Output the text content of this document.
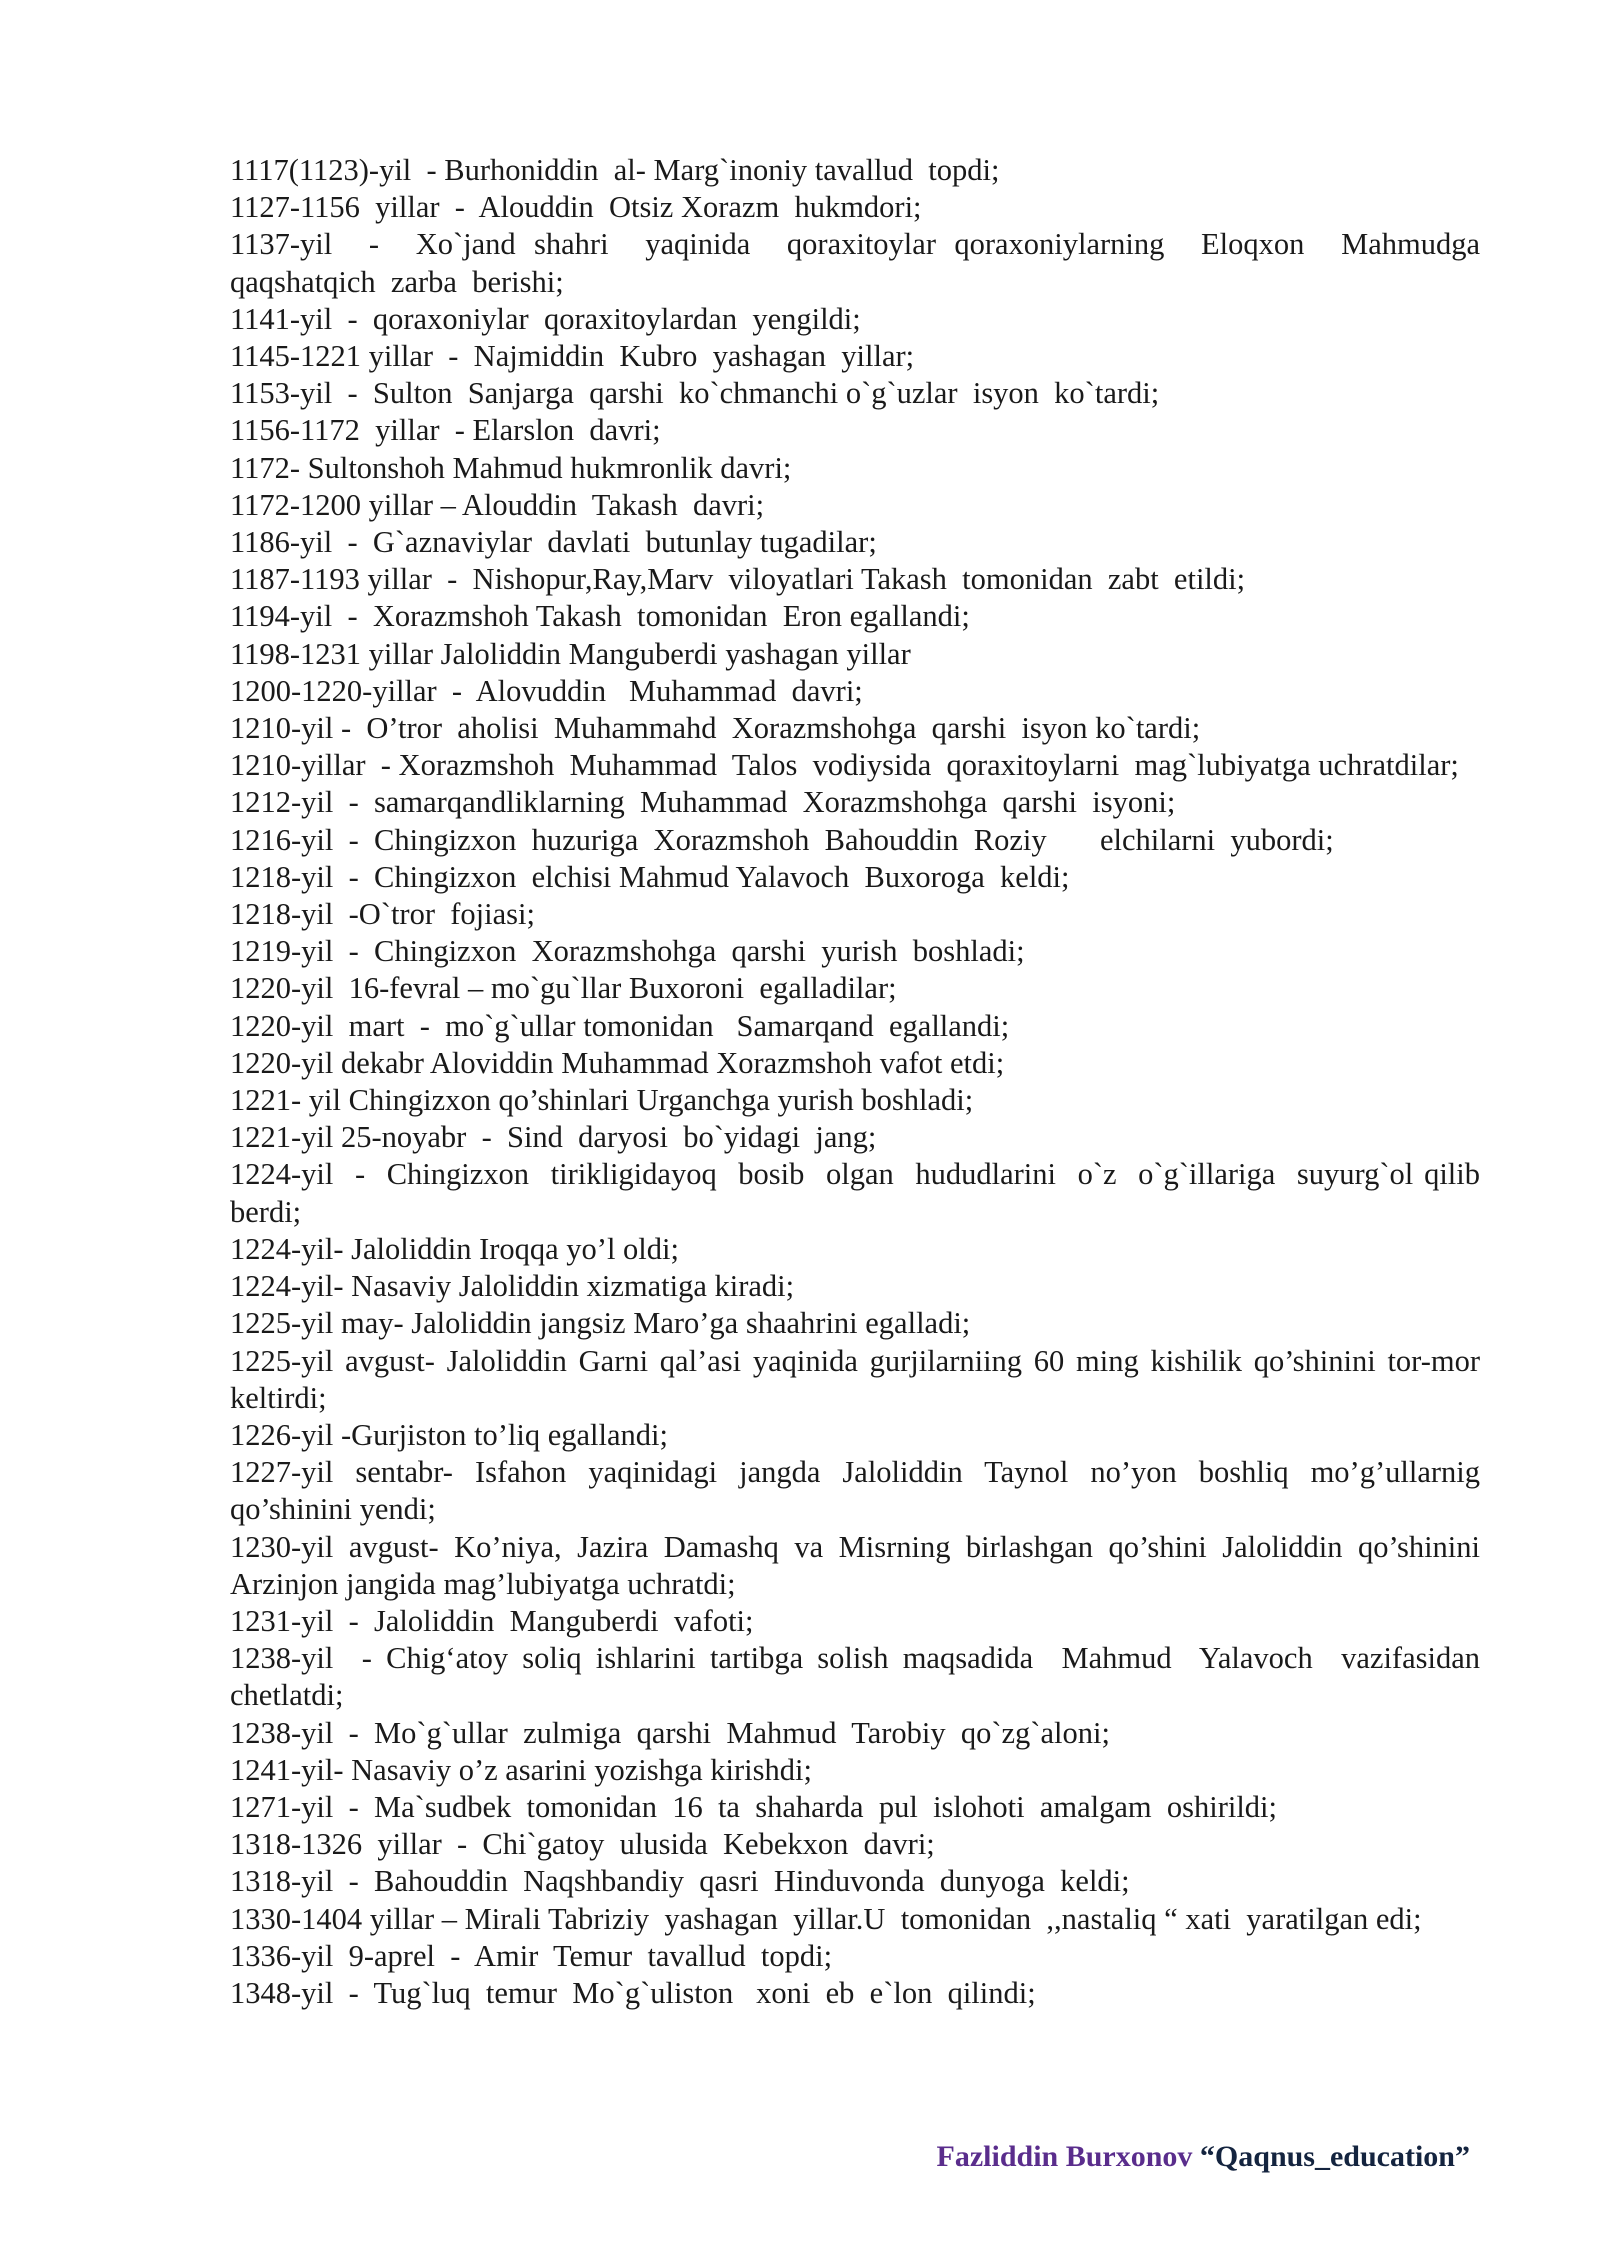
1117(1123)-yil  - Burhoniddin  al- Marg`inoniy tavallud  topdi;

1127-1156  yillar  -  Alouddin  Otsiz Xorazm  hukmdori;

1137-yil  -  Xo`jand shahri  yaqinida  qoraxitoylar qoraxoniylarning  Eloqxon  Mahmudga  qaqshatqich  zarba  berishi;

1141-yil  -  qoraxoniylar  qoraxitoylardan  yengildi;

1145-1221 yillar  -  Najmiddin  Kubro  yashagan  yillar;

1153-yil  -  Sulton  Sanjarga  qarshi  ko`chmanchi o`g`uzlar  isyon  ko`tardi;

1156-1172  yillar  - Elarslon  davri;

1172- Sultonshoh Mahmud hukmronlik davri;

1172-1200 yillar – Alouddin  Takash  davri;

1186-yil  -  G`aznaviylar  davlati  butunlay tugadilar;

1187-1193 yillar  -  Nishopur,Ray,Marv  viloyatlari Takash  tomonidan  zabt  etildi;

1194-yil  -  Xorazmshoh Takash  tomonidan  Eron egallandi;

1198-1231 yillar Jaloliddin Manguberdi yashagan yillar

1200-1220-yillar  -  Alovuddin   Muhammad  davri;

1210-yil -  O’tror  aholisi  Muhammahd  Xorazmshohga  qarshi  isyon ko`tardi;

1210-yillar  - Xorazmshoh  Muhammad  Talos  vodiysida  qoraxitoylarni  mag`lubiyatga uchratdilar;

1212-yil  -  samarqandliklarning  Muhammad  Xorazmshohga  qarshi  isyoni;

1216-yil  -  Chingizxon  huzuriga  Xorazmshoh  Bahouddin  Roziy       elchilarni  yubordi;

1218-yil  -  Chingizxon  elchisi Mahmud Yalavoch  Buxoroga  keldi;

1218-yil  -O`tror  fojiasi;

1219-yil  -  Chingizxon  Xorazmshohga  qarshi  yurish  boshladi;

1220-yil  16-fevral – mo`gu`llar Buxoroni  egalladilar;

1220-yil  mart  -  mo`g`ullar tomonidan   Samarqand  egallandi;

1220-yil dekabr Aloviddin Muhammad Xorazmshoh vafot etdi;

1221- yil Chingizxon qo’shinlari Urganchga yurish boshladi;

1221-yil 25-noyabr  -  Sind  daryosi  bo`yidagi  jang;

1224-yil  -  Chingizxon  tirikligidayoq  bosib  olgan  hududlarini  o`z  o`g`illariga  suyurg`ol qilib berdi;

1224-yil- Jaloliddin Iroqqa yo’l oldi;

1224-yil- Nasaviy Jaloliddin xizmatiga kiradi;

1225-yil may- Jaloliddin jangsiz Maro’ga shaahrini egalladi;

1225-yil avgust- Jaloliddin Garni qal’asi yaqinida gurjilarniing 60 ming kishilik qo’shinini tor-mor keltirdi;

1226-yil -Gurjiston to’liq egallandi;

1227-yil sentabr- Isfahon yaqinidagi jangda Jaloliddin Taynol no’yon boshliq mo’g’ullarnig qo’shinini yendi;

1230-yil avgust- Ko’niya, Jazira Damashq va Misrning birlashgan qo’shini Jaloliddin qo’shinini Arzinjon jangida mag’lubiyatga uchratdi;

1231-yil  -  Jaloliddin  Manguberdi  vafoti;

1238-yil  - Chig‘atoy soliq ishlarini tartibga solish maqsadida  Mahmud  Yalavoch  vazifasidan chetlatdi;

1238-yil  -  Mo`g`ullar  zulmiga  qarshi  Mahmud  Tarobiy  qo`zg`aloni;

1241-yil- Nasaviy o’z asarini yozishga kirishdi;

1271-yil  -  Ma`sudbek  tomonidan  16  ta  shaharda  pul  islohoti  amalgam  oshirildi;

1318-1326  yillar  -  Chi`gatoy  ulusida  Kebekxon  davri;

1318-yil  -  Bahouddin  Naqshbandiy  qasri  Hinduvonda  dunyoga  keldi;

1330-1404 yillar – Mirali Tabriziy  yashagan  yillar.U  tomonidan  ,,nastaliq “ xati  yaratilgan edi;

1336-yil  9-aprel  -  Amir  Temur  tavallud  topdi;

1348-yil  -  Tug`luq  temur  Mo`g`uliston   xoni  eb  e`lon  qilindi;

Fazliddin Burxonov “Qaqnus_education”
